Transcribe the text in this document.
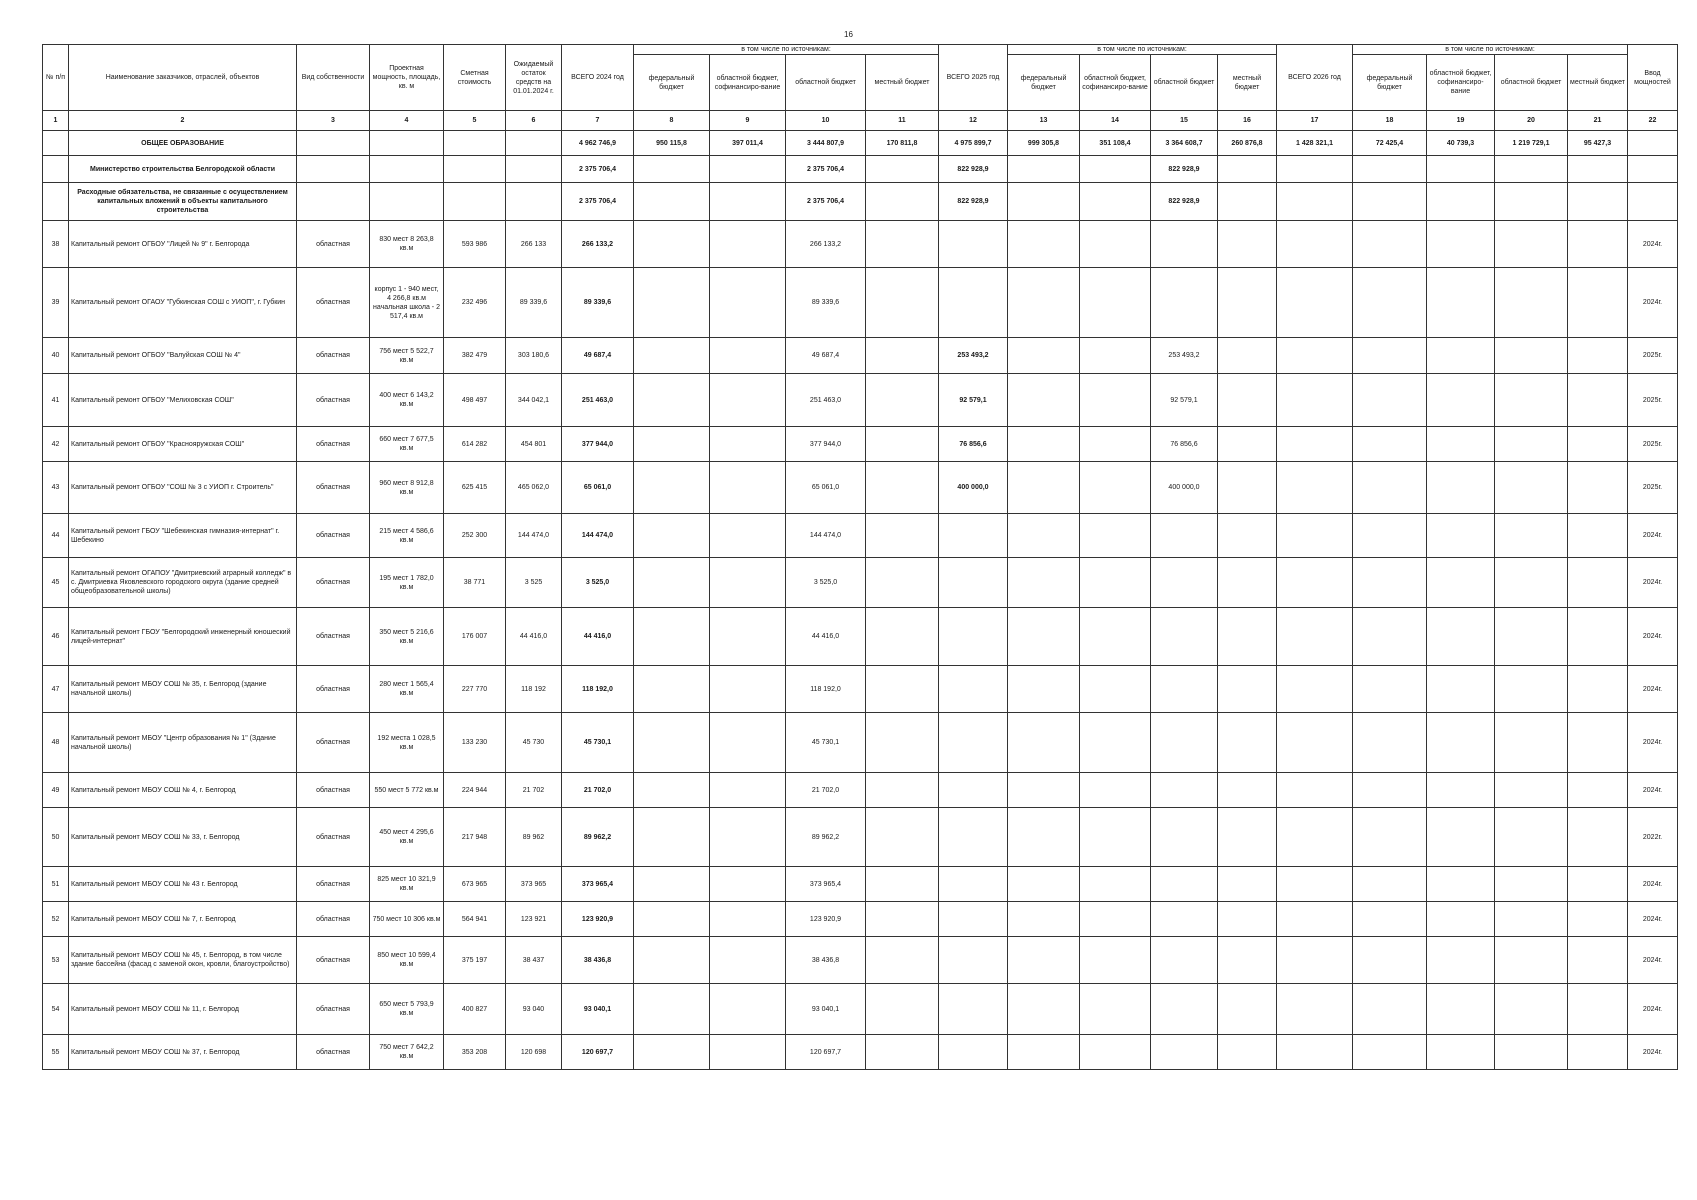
16
№ п/п	Наименование заказчиков, отраслей, объектов	Вид собственности	Проектная мощность, площадь, кв. м	Сметная стоимость	Ожидаемый остаток средств на 01.01.2024 г.	ВСЕГО 2024 год	в том числе по источникам:				ВСЕГО 2025 год	в том числе по источникам:				ВСЕГО 2026 год	в том числе по источникам:				Ввод мощностей
							федеральный бюджет	областной бюджет, софинансиро-вание	областной бюджет	местный бюджет		федеральный бюджет	областной бюджет, софинансиро-вание	областной бюджет	местный бюджет		федеральный бюджет	областной бюджет, софинансиро-вание	областной бюджет	местный бюджет	
1	2	3	4	5	6	7	8	9	10	11	12	13	14	15	16	17	18	19	20	21	22
	ОБЩЕЕ ОБРАЗОВАНИЕ					4 962 746,9	950 115,8	397 011,4	3 444 807,9	170 811,8	4 975 899,7	999 305,8	351 108,4	3 364 608,7	260 876,8	1 428 321,1	72 425,4	40 739,3	1 219 729,1	95 427,3	
	Министерство строительства Белгородской области					2 375 706,4			2 375 706,4		822 928,9			822 928,9							
	Расходные обязательства, не связанные с осуществлением капитальных вложений в объекты капитального строительства					2 375 706,4			2 375 706,4		822 928,9			822 928,9							
38	Капитальный ремонт ОГБОУ "Лицей № 9" г. Белгорода	областная	830 мест 8 263,8 кв.м	593 986	266 133	266 133,2			266 133,2												2024г.
39	Капитальный ремонт ОГАОУ "Губкинская СОШ с УИОП", г. Губкин	областная	корпус 1 - 940 мест, 4 266,8 кв.м начальная школа - 2 517,4 кв.м	232 496	89 339,6	89 339,6			89 339,6												2024г.
40	Капитальный ремонт ОГБОУ "Валуйская СОШ № 4"	областная	756 мест 5 522,7 кв.м	382 479	303 180,6	49 687,4			49 687,4		253 493,2			253 493,2							2025г.
41	Капитальный ремонт ОГБОУ "Мелиховская СОШ"	областная	400 мест 6 143,2 кв.м	498 497	344 042,1	251 463,0			251 463,0		92 579,1			92 579,1							2025г.
42	Капитальный ремонт ОГБОУ "Краснояружская СОШ"	областная	660 мест 7 677,5 кв.м	614 282	454 801	377 944,0			377 944,0		76 856,6			76 856,6							2025г.
43	Капитальный ремонт ОГБОУ "СОШ № 3 с УИОП г. Строитель"	областная	960 мест 8 912,8 кв.м	625 415	465 062,0	65 061,0			65 061,0		400 000,0			400 000,0							2025г.
44	Капитальный ремонт ГБОУ "Шебекинская гимназия-интернат" г. Шебекино	областная	215 мест 4 586,6 кв.м	252 300	144 474,0	144 474,0			144 474,0												2024г.
45	Капитальный ремонт ОГАПОУ "Дмитриевский аграрный колледж" в с. Дмитриевка Яковлевского городского округа (здание средней общеобразовательной школы)	областная	195 мест 1 782,0 кв.м	38 771	3 525	3 525,0			3 525,0												2024г.
46	Капитальный ремонт ГБОУ "Белгородский инженерный юношеский лицей-интернат"	областная	350 мест 5 216,6 кв.м	176 007	44 416,0	44 416,0			44 416,0												2024г.
47	Капитальный ремонт МБОУ СОШ № 35, г. Белгород (здание начальной школы)	областная	280 мест 1 565,4 кв.м	227 770	118 192	118 192,0			118 192,0												2024г.
48	Капитальный ремонт МБОУ "Центр образования № 1" (Здание начальной школы)	областная	192 места 1 028,5 кв.м	133 230	45 730	45 730,1			45 730,1												2024г.
49	Капитальный ремонт МБОУ СОШ № 4, г. Белгород	областная	550 мест 5 772 кв.м	224 944	21 702	21 702,0			21 702,0												2024г.
50	Капитальный ремонт МБОУ СОШ № 33, г. Белгород	областная	450 мест 4 295,6 кв.м	217 948	89 962	89 962,2			89 962,2												2022г.
51	Капитальный ремонт МБОУ СОШ № 43 г. Белгород	областная	825 мест 10 321,9 кв.м	673 965	373 965	373 965,4			373 965,4												2024г.
52	Капитальный ремонт МБОУ СОШ № 7, г. Белгород	областная	750 мест 10 306 кв.м	564 941	123 921	123 920,9			123 920,9												2024г.
53	Капитальный ремонт МБОУ СОШ № 45, г. Белгород, в том числе здание бассейна (фасад с заменой окон, кровли, благоустройство)	областная	850 мест 10 599,4 кв.м	375 197	38 437	38 436,8			38 436,8												2024г.
54	Капитальный ремонт МБОУ СОШ № 11, г. Белгород	областная	650 мест 5 793,9 кв.м	400 827	93 040	93 040,1			93 040,1												2024г.
55	Капитальный ремонт МБОУ СОШ № 37, г. Белгород	областная	750 мест 7 642,2 кв.м	353 208	120 698	120 697,7			120 697,7												2024г.
